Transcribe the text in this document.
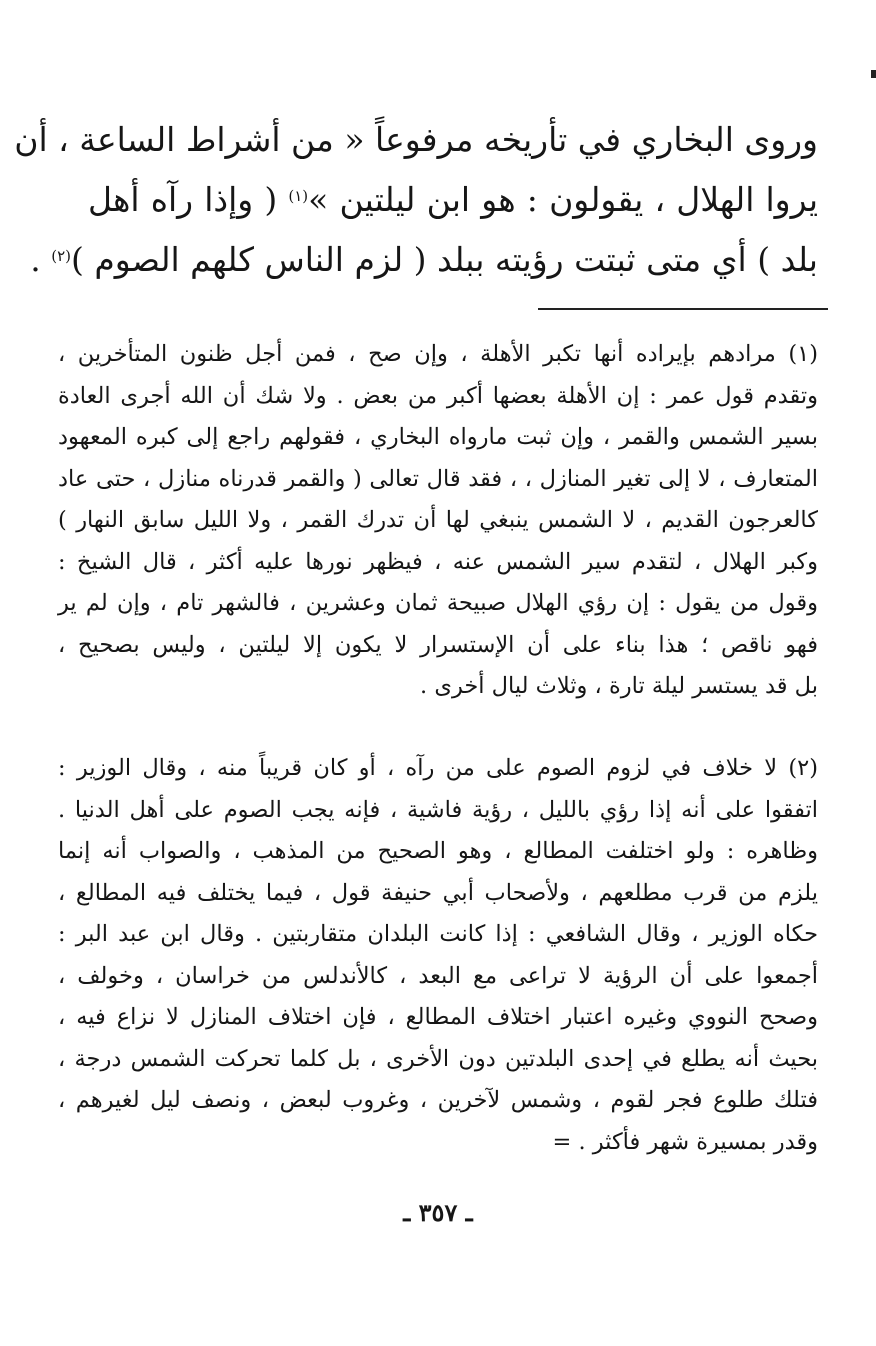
وروى البخاري في تأريخه مرفوعاً « من أشراط الساعة ، أن
يروا الهلال ، يقولون : هو ابن ليلتين »$^{(١)}$ ( وإذا رآه أهل
بلد ) أي متى ثبتت رؤيته ببلد ( لزم الناس كلهم الصوم )$^{(٢)}$ .
(١) مرادهم بإيراده أنها تكبر الأهلة ، وإن صح ، فمن أجل ظنون المتأخرين ،
وتقدم قول عمر : إن الأهلة بعضها أكبر من بعض . ولا شك أن الله أجرى العادة
بسير الشمس والقمر ، وإن ثبت مارواه البخاري ، فقولهم راجع إلى كبره المعهود
المتعارف ، لا إلى تغير المنازل ، ، فقد قال تعالى ( والقمر قدرناه منازل ، حتى عاد
كالعرجون القديم ، لا الشمس ينبغي لها أن تدرك القمر ، ولا الليل سابق النهار )
وكبر الهلال ، لتقدم سير الشمس عنه ، فيظهر نورها عليه أكثر ، قال الشيخ :
وقول من يقول : إن رؤي الهلال صبيحة ثمان وعشرين ، فالشهر تام ، وإن لم ير
فهو ناقص ؛ هذا بناء على أن الإستسرار لا يكون إلا ليلتين ، وليس بصحيح ،
بل قد يستسر ليلة تارة ، وثلاث ليال أخرى .
(٢) لا خلاف في لزوم الصوم على من رآه ، أو كان قريباً منه ، وقال الوزير :
اتفقوا على أنه إذا رؤي بالليل ، رؤية فاشية ، فإنه يجب الصوم على أهل الدنيا .
وظاهره : ولو اختلفت المطالع ، وهو الصحيح من المذهب ، والصواب أنه إنما
يلزم من قرب مطلعهم ، ولأصحاب أبي حنيفة قول ، فيما يختلف فيه المطالع ،
حكاه الوزير ، وقال الشافعي : إذا كانت البلدان متقاربتين . وقال ابن عبد البر :
أجمعوا على أن الرؤية لا تراعى مع البعد ، كالأندلس من خراسان ، وخولف ،
وصحح النووي وغيره اعتبار اختلاف المطالع ، فإن اختلاف المنازل لا نزاع فيه ،
بحيث أنه يطلع في إحدى البلدتين دون الأخرى ، بل كلما تحركت الشمس درجة ،
فتلك طلوع فجر لقوم ، وشمس لآخرين ، وغروب لبعض ، ونصف ليل لغيرهم ،
وقدر بمسيرة شهر فأكثر . =
ـ ٣٥٧ ـ
